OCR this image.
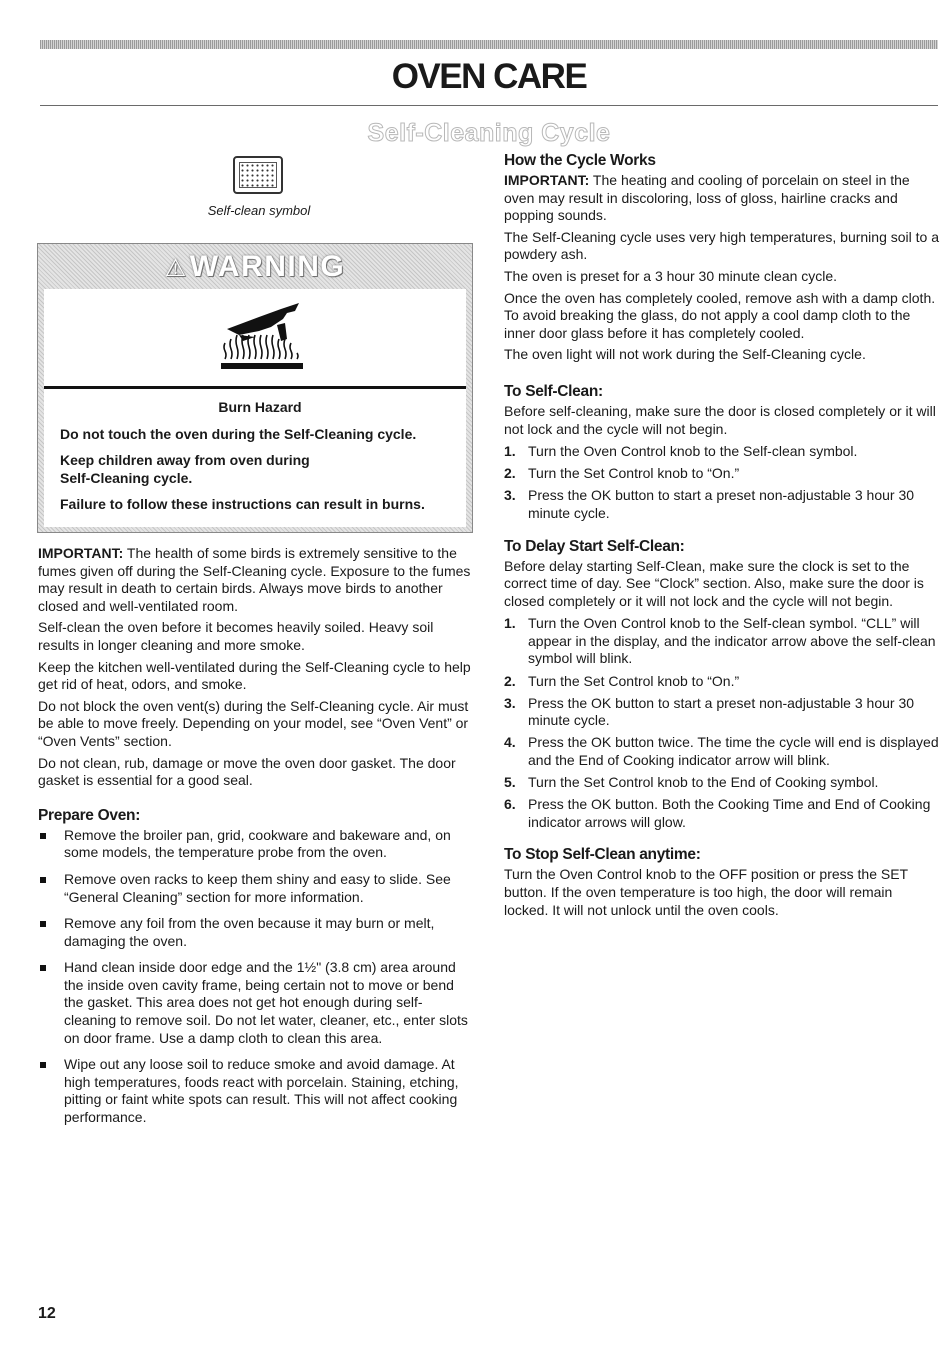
OVEN CARE
Self-Cleaning Cycle
Self-clean symbol
⚠WARNING

Burn Hazard

Do not touch the oven during the Self-Cleaning cycle.

Keep children away from oven during Self-Cleaning cycle.

Failure to follow these instructions can result in burns.

IMPORTANT: The health of some birds is extremely sensitive to the fumes given off during the Self-Cleaning cycle. Exposure to the fumes may result in death to certain birds. Always move birds to another closed and well-ventilated room.

Self-clean the oven before it becomes heavily soiled. Heavy soil results in longer cleaning and more smoke.

Keep the kitchen well-ventilated during the Self-Cleaning cycle to help get rid of heat, odors, and smoke.

Do not block the oven vent(s) during the Self-Cleaning cycle. Air must be able to move freely. Depending on your model, see “Oven Vent” or “Oven Vents” section.

Do not clean, rub, damage or move the oven door gasket. The door gasket is essential for a good seal.

Prepare Oven:
Remove the broiler pan, grid, cookware and bakeware and, on some models, the temperature probe from the oven.
Remove oven racks to keep them shiny and easy to slide. See “General Cleaning” section for more information.
Remove any foil from the oven because it may burn or melt, damaging the oven.
Hand clean inside door edge and the 1½" (3.8 cm) area around the inside oven cavity frame, being certain not to move or bend the gasket. This area does not get hot enough during self-cleaning to remove soil. Do not let water, cleaner, etc., enter slots on door frame. Use a damp cloth to clean this area.
Wipe out any loose soil to reduce smoke and avoid damage. At high temperatures, foods react with porcelain. Staining, etching, pitting or faint white spots can result. This will not affect cooking performance.
How the Cycle Works

IMPORTANT: The heating and cooling of porcelain on steel in the oven may result in discoloring, loss of gloss, hairline cracks and popping sounds.

The Self-Cleaning cycle uses very high temperatures, burning soil to a powdery ash.

The oven is preset for a 3 hour 30 minute clean cycle.

Once the oven has completely cooled, remove ash with a damp cloth. To avoid breaking the glass, do not apply a cool damp cloth to the inner door glass before it has completely cooled.

The oven light will not work during the Self-Cleaning cycle.

To Self-Clean:

Before self-cleaning, make sure the door is closed completely or it will not lock and the cycle will not begin.

1. Turn the Oven Control knob to the Self-clean symbol.
2. Turn the Set Control knob to “On.”
3. Press the OK button to start a preset non-adjustable 3 hour 30 minute cycle.
To Delay Start Self-Clean:

Before delay starting Self-Clean, make sure the clock is set to the correct time of day. See “Clock” section. Also, make sure the door is closed completely or it will not lock and the cycle will not begin.

1. Turn the Oven Control knob to the Self-clean symbol. “CLL” will appear in the display, and the indicator arrow above the self-clean symbol will blink.
2. Turn the Set Control knob to “On.”
3. Press the OK button to start a preset non-adjustable 3 hour 30 minute cycle.
4. Press the OK button twice. The time the cycle will end is displayed and the End of Cooking indicator arrow will blink.
5. Turn the Set Control knob to the End of Cooking symbol.
6. Press the OK button. Both the Cooking Time and End of Cooking indicator arrows will glow.
To Stop Self-Clean anytime:

Turn the Oven Control knob to the OFF position or press the SET button. If the oven temperature is too high, the door will remain locked. It will not unlock until the oven cools.

12
